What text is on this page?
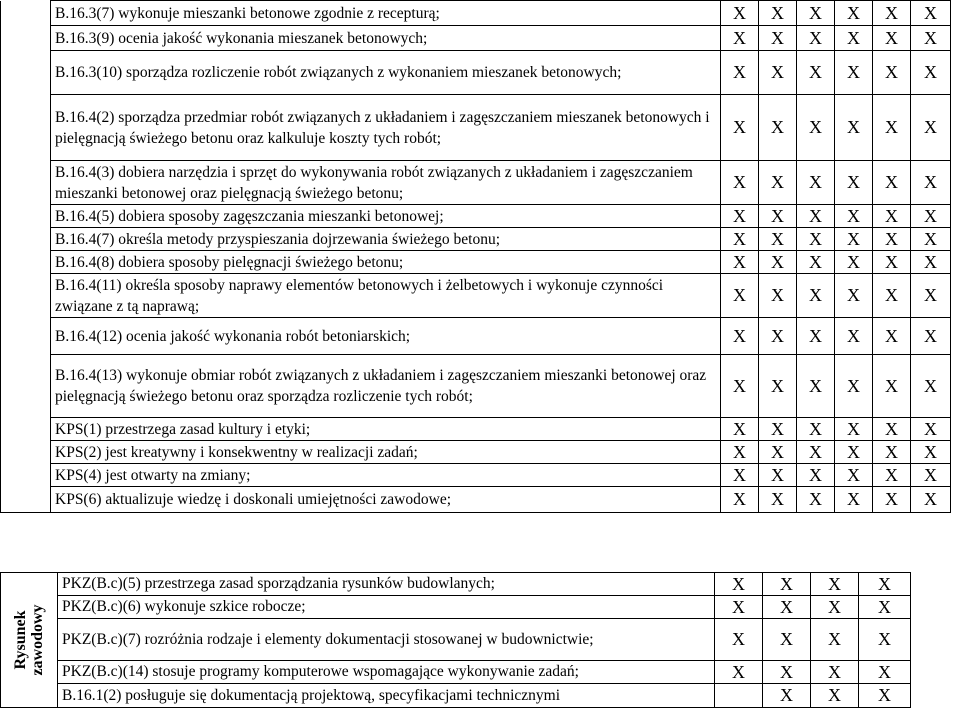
	B.16.3(7) wykonuje mieszanki betonowe zgodnie z recepturą;	X	X	X	X	X	X
	B.16.3(9) ocenia jakość wykonania mieszanek betonowych;	X	X	X	X	X	X
	B.16.3(10) sporządza rozliczenie robót związanych z wykonaniem mieszanek betonowych;	X	X	X	X	X	X
	B.16.4(2) sporządza przedmiar robót związanych z układaniem i zagęszczaniem mieszanek betonowych i pielęgnacją świeżego betonu oraz kalkuluje koszty tych robót;	X	X	X	X	X	X
	B.16.4(3) dobiera narzędzia i sprzęt do wykonywania robót związanych z układaniem i zagęszczaniem mieszanki betonowej oraz pielęgnacją świeżego betonu;	X	X	X	X	X	X
	B.16.4(5) dobiera sposoby zagęszczania mieszanki betonowej;	X	X	X	X	X	X
	B.16.4(7) określa metody przyspieszania dojrzewania świeżego betonu;	X	X	X	X	X	X
	B.16.4(8) dobiera sposoby pielęgnacji świeżego betonu;	X	X	X	X	X	X
	B.16.4(11) określa sposoby naprawy elementów betonowych i żelbetowych i wykonuje czynności związane z tą naprawą;	X	X	X	X	X	X
	B.16.4(12) ocenia jakość wykonania robót betoniarskich;	X	X	X	X	X	X
	B.16.4(13) wykonuje obmiar robót związanych z układaniem i zagęszczaniem mieszanki betonowej oraz pielęgnacją świeżego betonu oraz sporządza rozliczenie tych robót;	X	X	X	X	X	X
	KPS(1) przestrzega zasad kultury i etyki;	X	X	X	X	X	X
	KPS(2) jest kreatywny i konsekwentny w realizacji zadań;	X	X	X	X	X	X
	KPS(4) jest otwarty na zmiany;	X	X	X	X	X	X
	KPS(6) aktualizuje wiedzę i doskonali umiejętności zawodowe;	X	X	X	X	X	X
Rysunek zawodowy	PKZ(B.c)(5) przestrzega zasad sporządzania rysunków budowlanych;	X	X	X	X
	PKZ(B.c)(6) wykonuje szkice robocze;	X	X	X	X
	PKZ(B.c)(7) rozróżnia rodzaje i elementy dokumentacji stosowanej w budownictwie;	X	X	X	X
	PKZ(B.c)(14) stosuje programy komputerowe wspomagające wykonywanie zadań;	X	X	X	X
	B.16.1(2) posługuje się dokumentacją projektową, specyfikacjami technicznymi		X	X	X
